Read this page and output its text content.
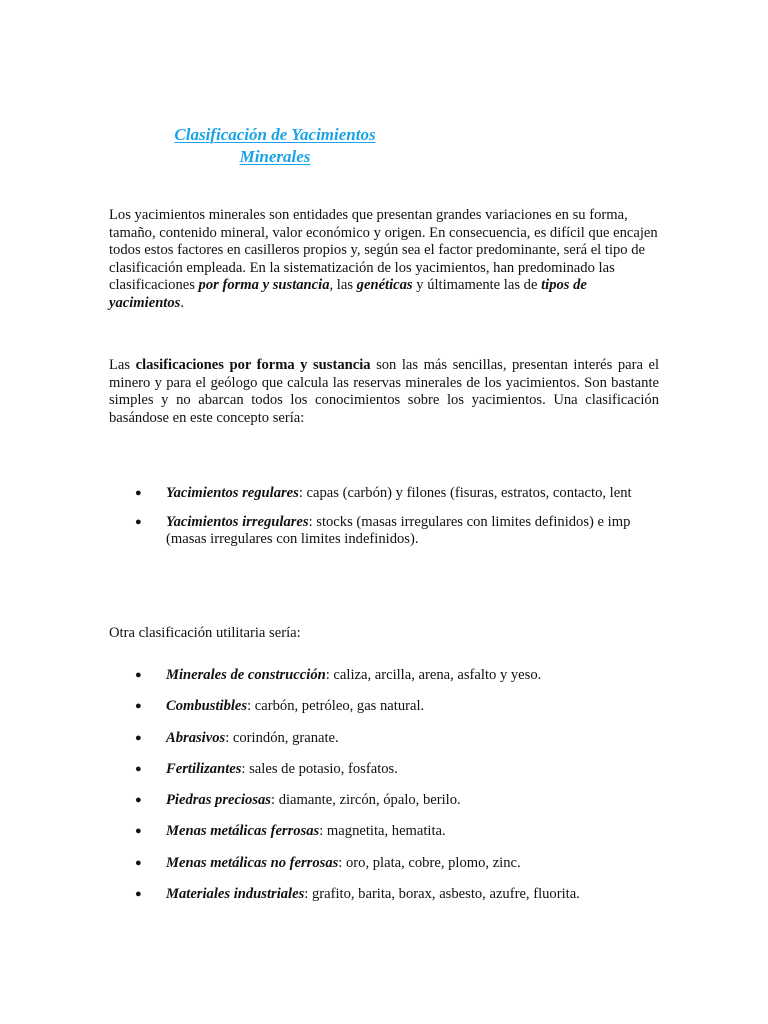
Clasificación de Yacimientos
Minerales

Los yacimientos minerales son entidades que presentan grandes variaciones en su forma, tamaño, contenido mineral, valor económico y origen. En consecuencia, es difícil que encajen todos estos factores en casilleros propios y, según sea el factor predominante, será el tipo de clasificación empleada. En la sistematización de los yacimientos, han predominado las clasificaciones por forma y sustancia, las genéticas y últimamente las de tipos de yacimientos.

Las clasificaciones por forma y sustancia son las más sencillas, presentan interés para el minero y para el geólogo que calcula las reservas minerales de los yacimientos. Son bastante simples y no abarcan todos los conocimientos sobre los yacimientos. Una clasificación basándose en este concepto sería:

● Yacimientos regulares: capas (carbón) y filones (fisuras, estratos, contacto, lent
● Yacimientos irregulares: stocks (masas irregulares con limites definidos) e imp
(masas irregulares con limites indefinidos).

Otra clasificación utilitaria sería:

● Minerales de construcción: caliza, arcilla, arena, asfalto y yeso.
● Combustibles: carbón, petróleo, gas natural.
● Abrasivos: corindón, granate.
● Fertilizantes: sales de potasio, fosfatos.
● Piedras preciosas: diamante, zircón, ópalo, berilo.
● Menas metálicas ferrosas: magnetita, hematita.
● Menas metálicas no ferrosas: oro, plata, cobre, plomo, zinc.
● Materiales industriales: grafito, barita, borax, asbesto, azufre, fluorita.
